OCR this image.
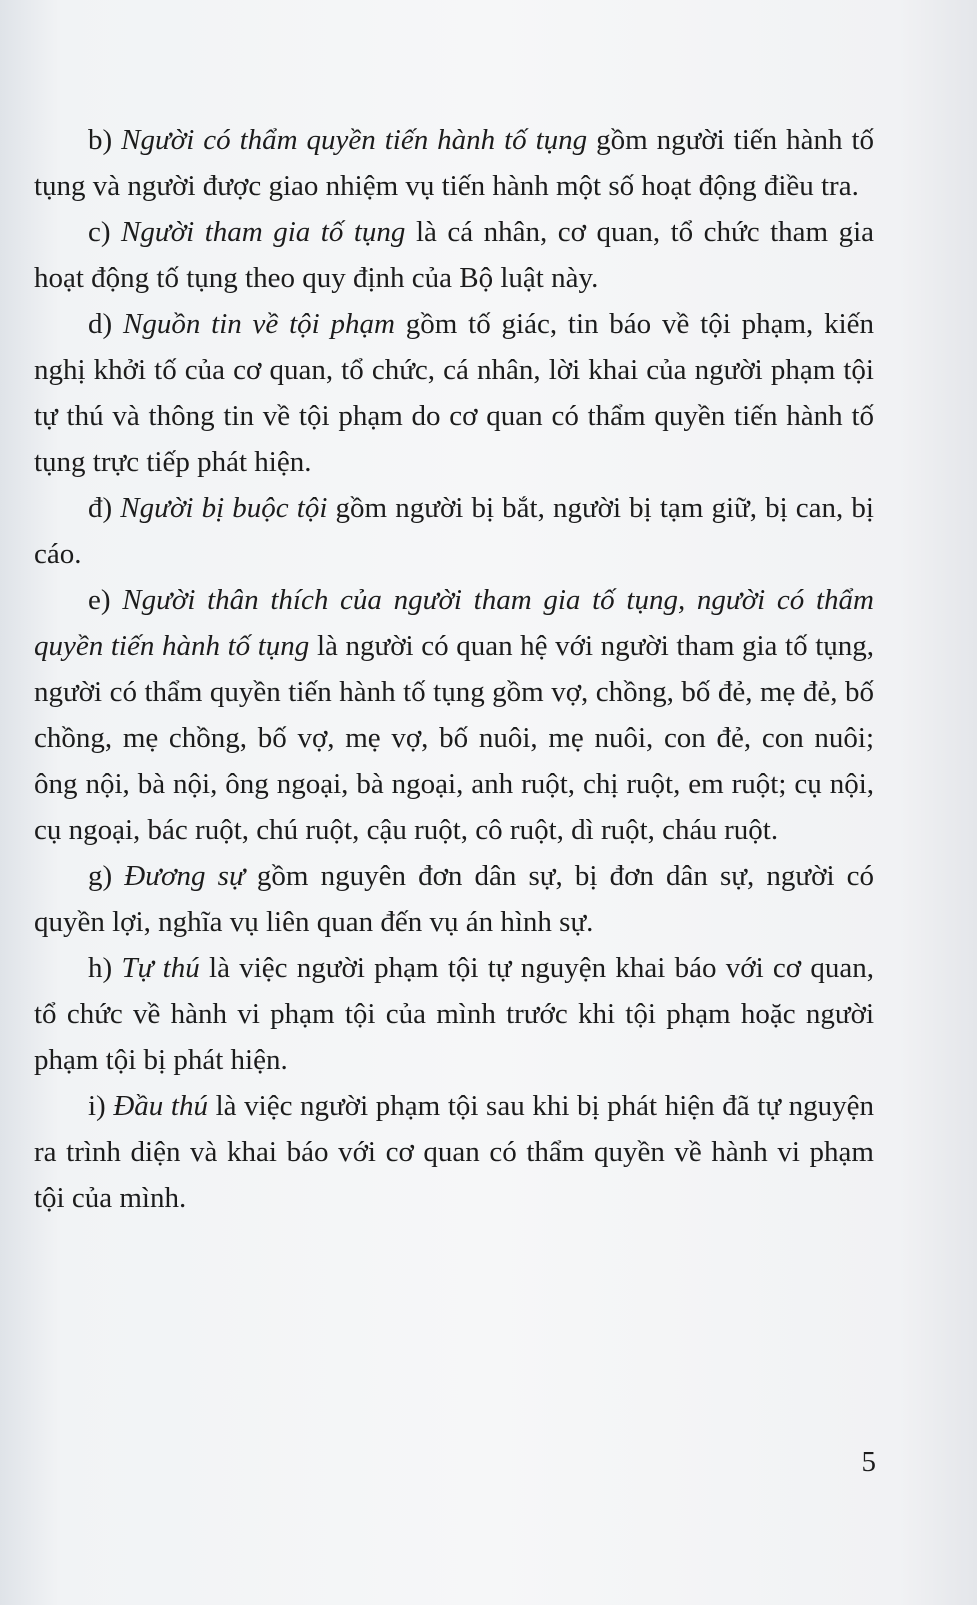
b) Người có thẩm quyền tiến hành tố tụng gồm người tiến hành tố tụng và người được giao nhiệm vụ tiến hành một số hoạt động điều tra.

c) Người tham gia tố tụng là cá nhân, cơ quan, tổ chức tham gia hoạt động tố tụng theo quy định của Bộ luật này.

d) Nguồn tin về tội phạm gồm tố giác, tin báo về tội phạm, kiến nghị khởi tố của cơ quan, tổ chức, cá nhân, lời khai của người phạm tội tự thú và thông tin về tội phạm do cơ quan có thẩm quyền tiến hành tố tụng trực tiếp phát hiện.

đ) Người bị buộc tội gồm người bị bắt, người bị tạm giữ, bị can, bị cáo.

e) Người thân thích của người tham gia tố tụng, người có thẩm quyền tiến hành tố tụng là người có quan hệ với người tham gia tố tụng, người có thẩm quyền tiến hành tố tụng gồm vợ, chồng, bố đẻ, mẹ đẻ, bố chồng, mẹ chồng, bố vợ, mẹ vợ, bố nuôi, mẹ nuôi, con đẻ, con nuôi; ông nội, bà nội, ông ngoại, bà ngoại, anh ruột, chị ruột, em ruột; cụ nội, cụ ngoại, bác ruột, chú ruột, cậu ruột, cô ruột, dì ruột, cháu ruột.

g) Đương sự gồm nguyên đơn dân sự, bị đơn dân sự, người có quyền lợi, nghĩa vụ liên quan đến vụ án hình sự.

h) Tự thú là việc người phạm tội tự nguyện khai báo với cơ quan, tổ chức về hành vi phạm tội của mình trước khi tội phạm hoặc người phạm tội bị phát hiện.

i) Đầu thú là việc người phạm tội sau khi bị phát hiện đã tự nguyện ra trình diện và khai báo với cơ quan có thẩm quyền về hành vi phạm tội của mình.

5
